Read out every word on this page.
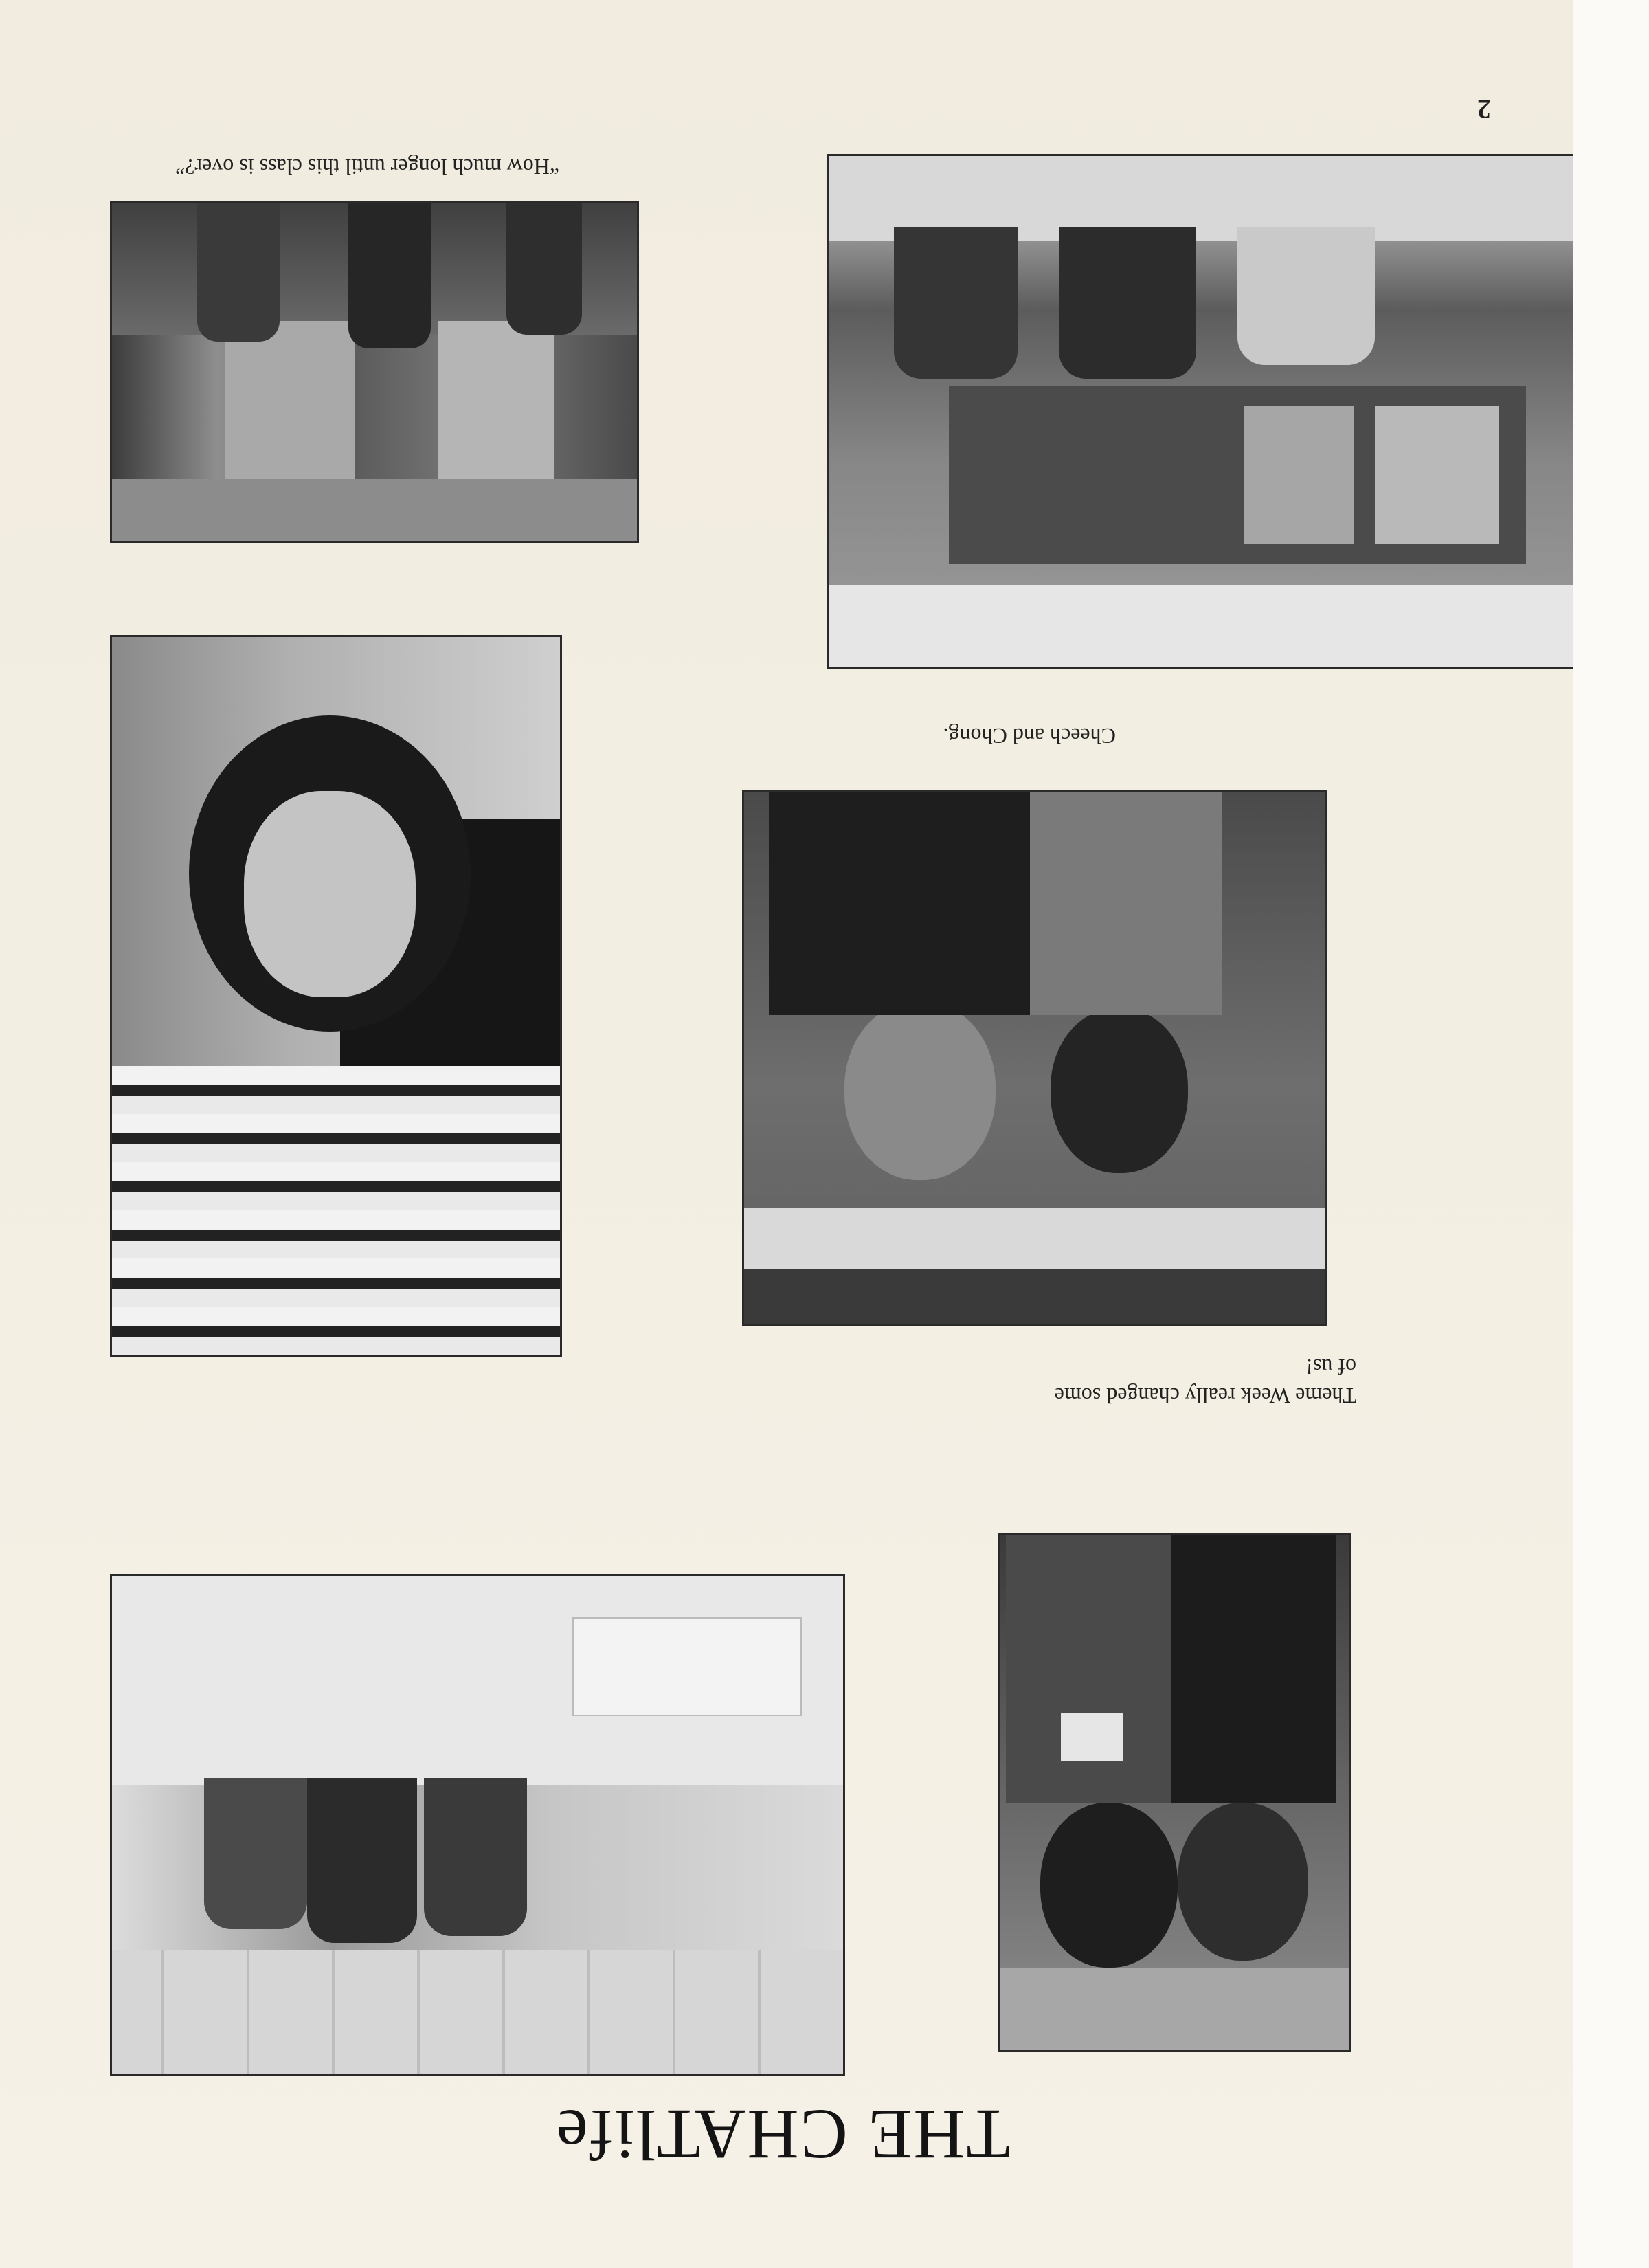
2
“How much longer until this class is over?”
Cheech and Chong.
Theme Week really changed some
of us!
THE CHATlife
